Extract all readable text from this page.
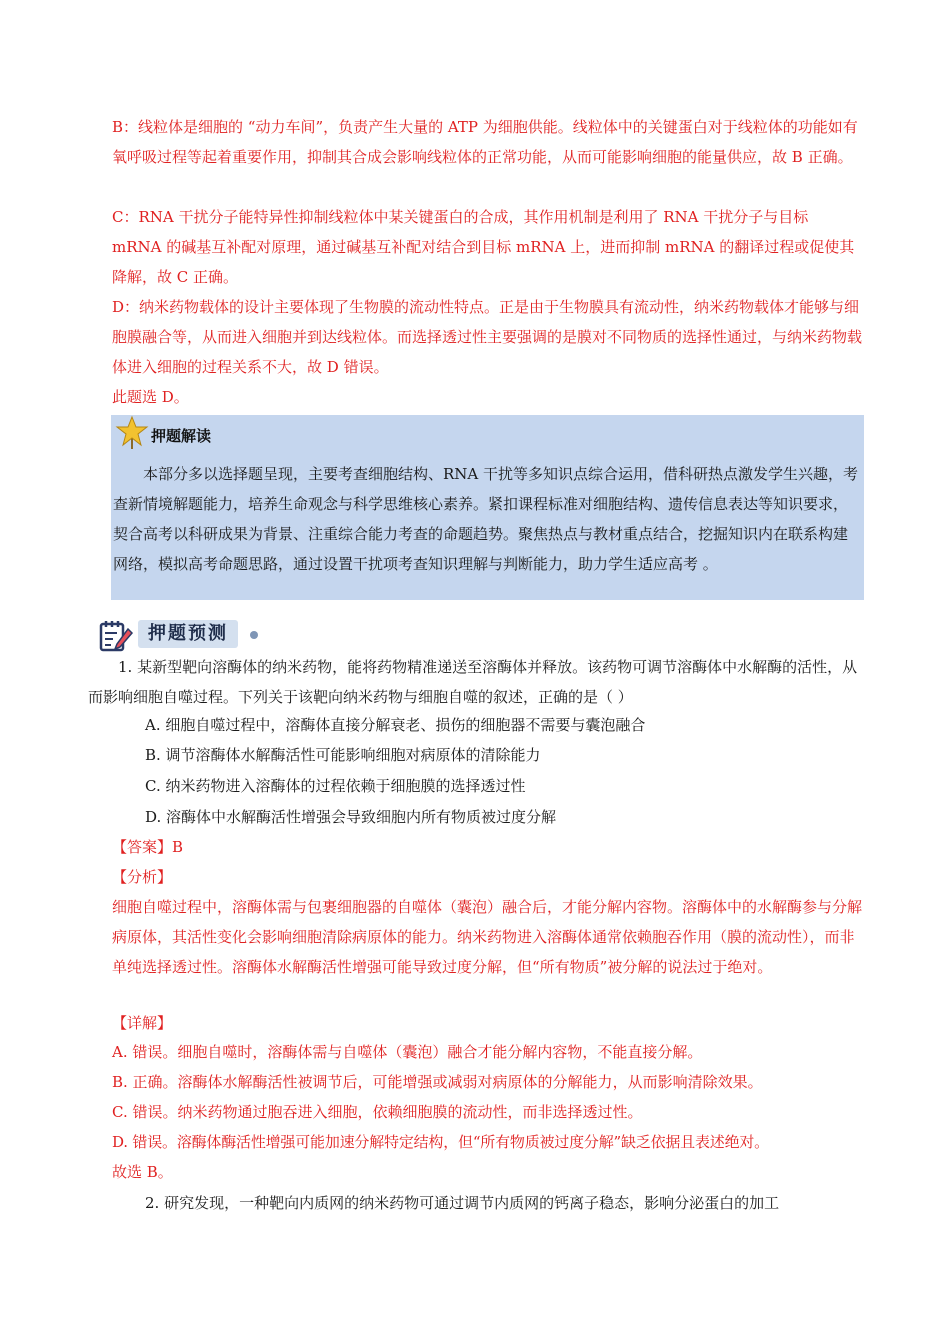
B：线粒体是细胞的 “动力车间”，负责产生大量的 ATP 为细胞供能。线粒体中的关键蛋白对于线粒体的功能如有氧呼吸过程等起着重要作用，抑制其合成会影响线粒体的正常功能，从而可能影响细胞的能量供应，故 B 正确。

C：RNA 干扰分子能特异性抑制线粒体中某关键蛋白的合成，其作用机制是利用了 RNA 干扰分子与目标 mRNA 的碱基互补配对原理，通过碱基互补配对结合到目标 mRNA 上，进而抑制 mRNA 的翻译过程或促使其降解，故 C 正确。

D：纳米药物载体的设计主要体现了生物膜的流动性特点。正是由于生物膜具有流动性，纳米药物载体才能够与细胞膜融合等，从而进入细胞并到达线粒体。而选择透过性主要强调的是膜对不同物质的选择性通过，与纳米药物载体进入细胞的过程关系不大，故 D 错误。

此题选 D。

押题解读

本部分多以选择题呈现，主要考查细胞结构、RNA 干扰等多知识点综合运用，借科研热点激发学生兴趣，考查新情境解题能力，培养生命观念与科学思维核心素养。紧扣课程标准对细胞结构、遗传信息表达等知识要求，契合高考以科研成果为背景、注重综合能力考查的命题趋势。聚焦热点与教材重点结合，挖掘知识内在联系构建网络，模拟高考命题思路，通过设置干扰项考查知识理解与判断能力，助力学生适应高考 。

押题预测

1. 某新型靶向溶酶体的纳米药物，能将药物精准递送至溶酶体并释放。该药物可调节溶酶体中水解酶的活性，从而影响细胞自噬过程。下列关于该靶向纳米药物与细胞自噬的叙述，正确的是（ ）

A. 细胞自噬过程中，溶酶体直接分解衰老、损伤的细胞器不需要与囊泡融合
B. 调节溶酶体水解酶活性可能影响细胞对病原体的清除能力
C. 纳米药物进入溶酶体的过程依赖于细胞膜的选择透过性
D. 溶酶体中水解酶活性增强会导致细胞内所有物质被过度分解
【答案】B
【分析】

细胞自噬过程中，溶酶体需与包裹细胞器的自噬体（囊泡）融合后，才能分解内容物。溶酶体中的水解酶参与分解病原体，其活性变化会影响细胞清除病原体的能力。纳米药物进入溶酶体通常依赖胞吞作用（膜的流动性），而非单纯选择透过性。溶酶体水解酶活性增强可能导致过度分解，但“所有物质”被分解的说法过于绝对。

【详解】
A. 错误。细胞自噬时，溶酶体需与自噬体（囊泡）融合才能分解内容物，不能直接分解。
B. 正确。溶酶体水解酶活性被调节后，可能增强或减弱对病原体的分解能力，从而影响清除效果。
C. 错误。纳米药物通过胞吞进入细胞，依赖细胞膜的流动性，而非选择透过性。
D. 错误。溶酶体酶活性增强可能加速分解特定结构，但“所有物质被过度分解”缺乏依据且表述绝对。
故选 B。

2. 研究发现，一种靶向内质网的纳米药物可通过调节内质网的钙离子稳态，影响分泌蛋白的加工
